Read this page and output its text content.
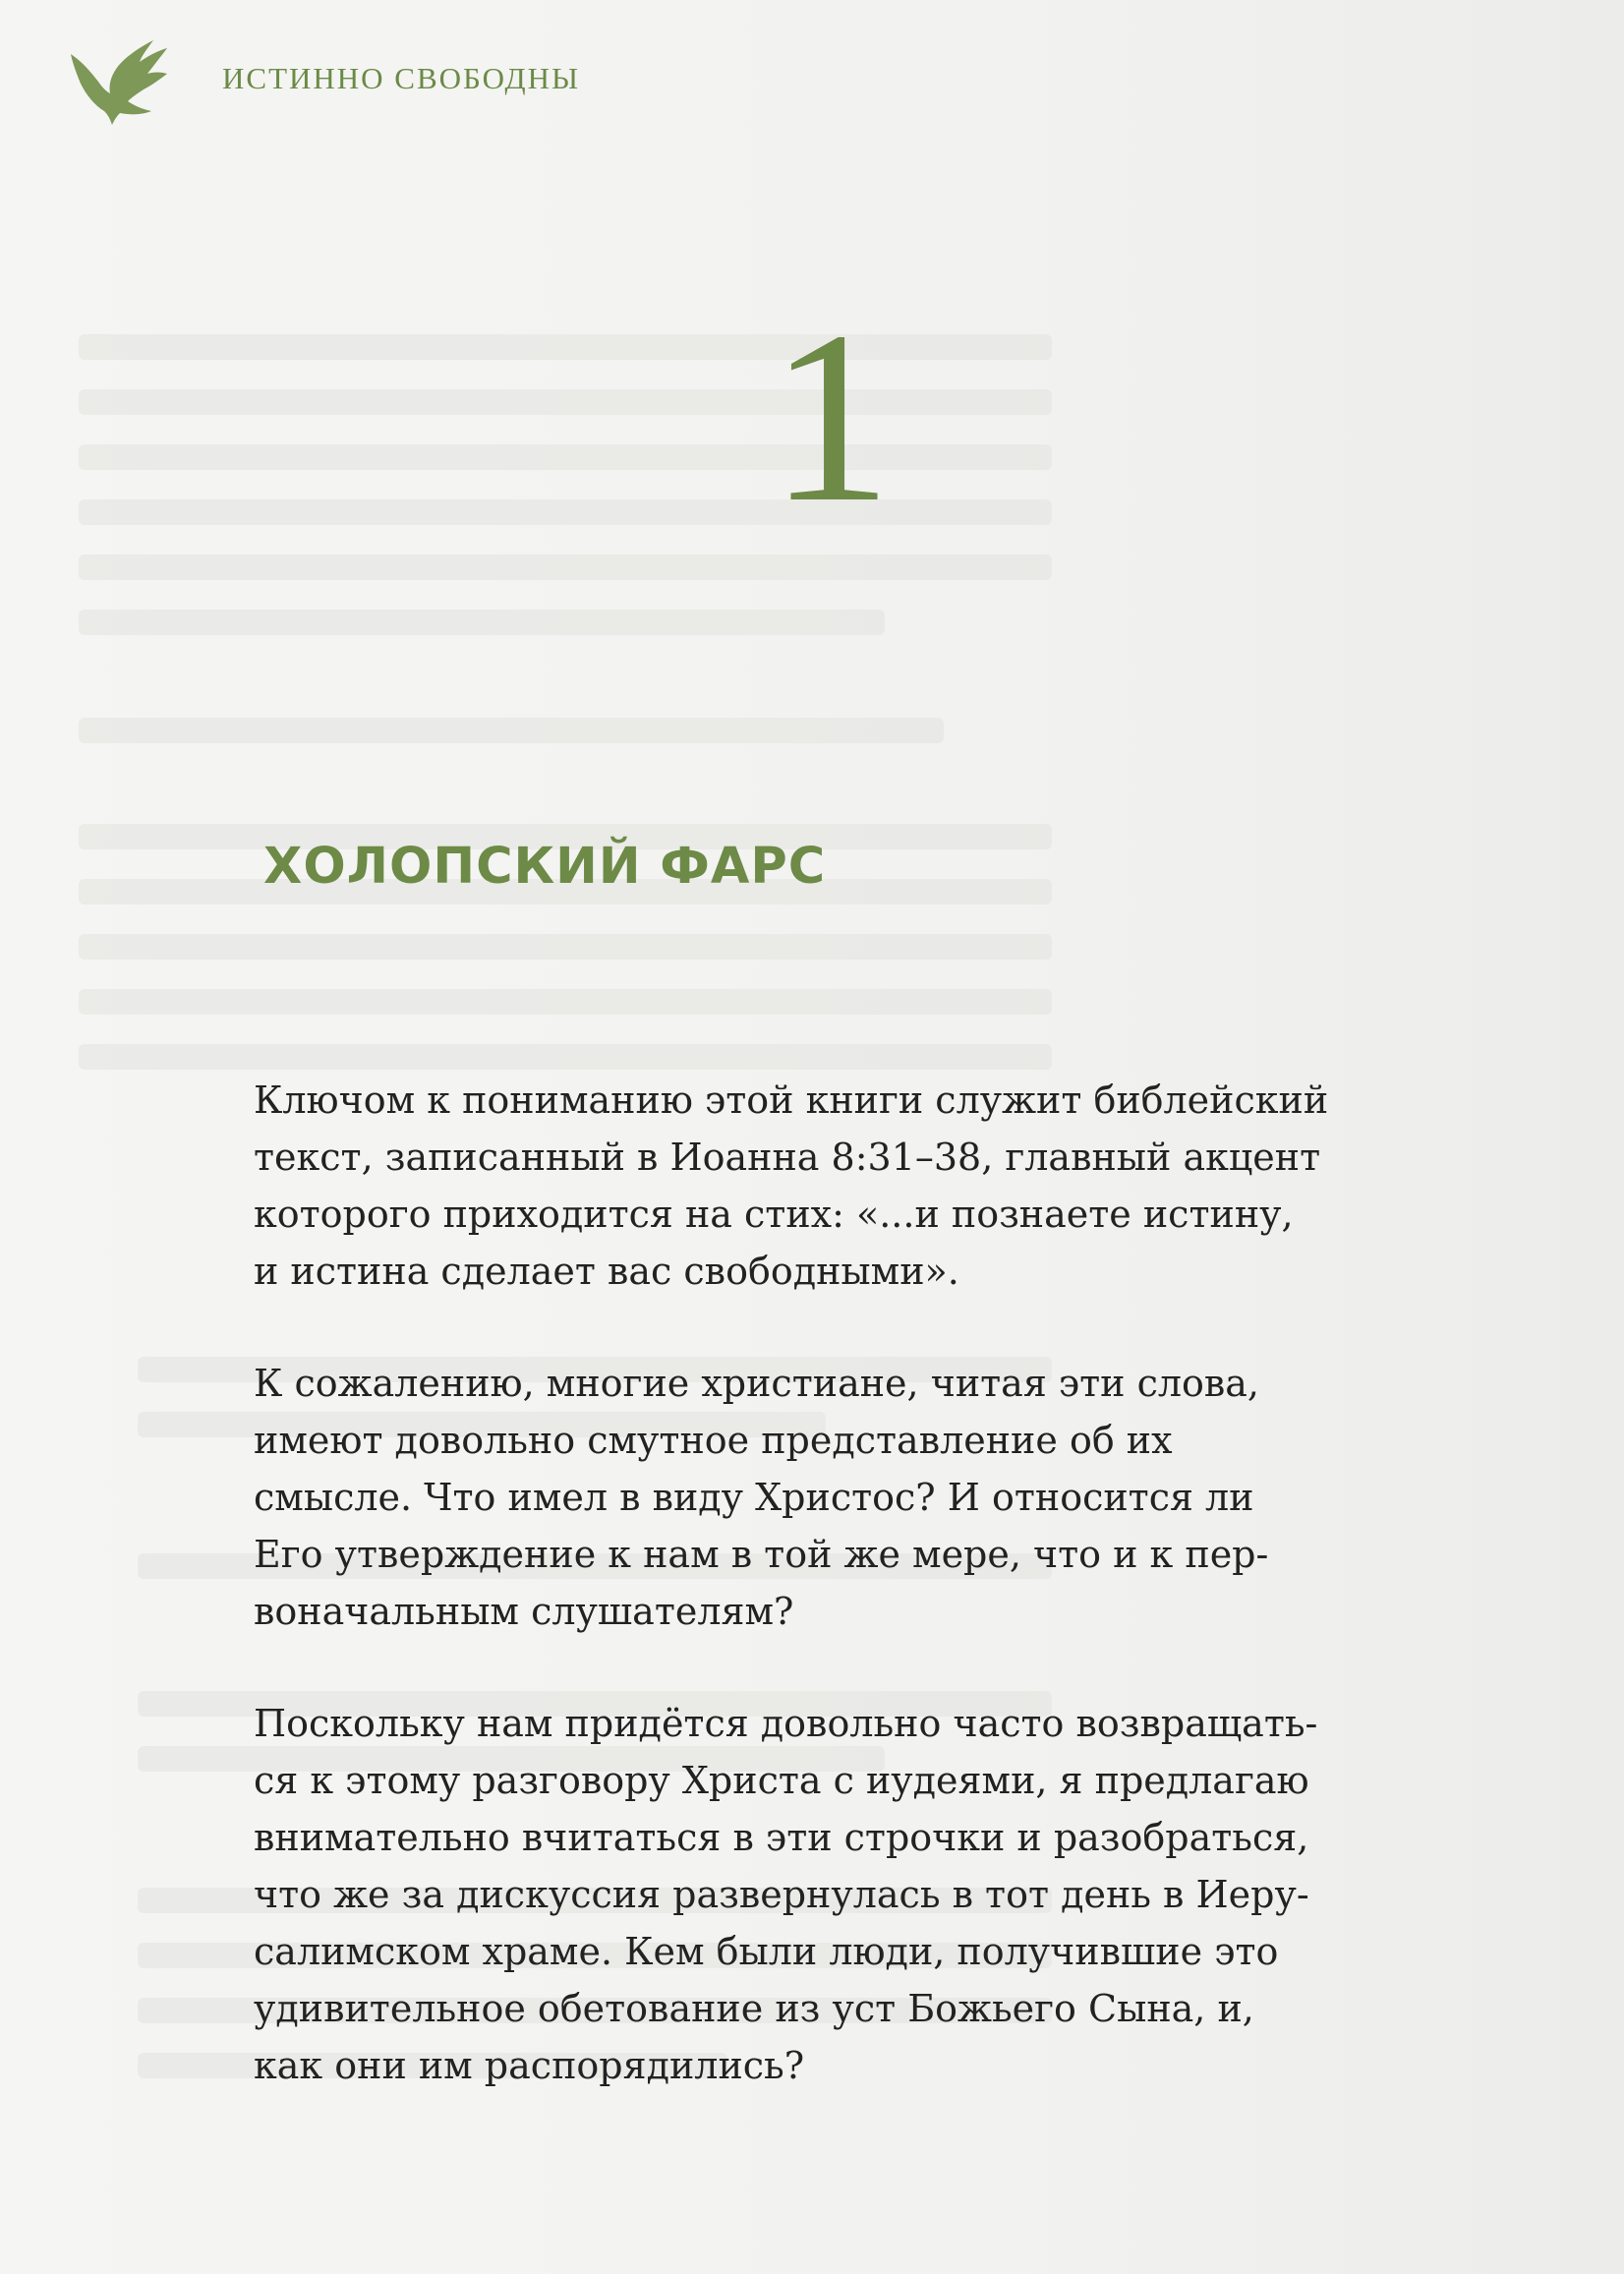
ИСТИННО СВОБОДНЫ
1
ХОЛОПСКИЙ ФАРС

Ключом к пониманию этой книги служит библейский
текст, записанный в Иоанна 8:31–38, главный акцент
которого приходится на стих: «...и познаете истину,
и истина сделает вас свободными».

К сожалению, многие христиане, читая эти слова,
имеют довольно смутное представление об их
смысле. Что имел в виду Христос? И относится ли
Его утверждение к нам в той же мере, что и к пер-
воначальным слушателям?

Поскольку нам придётся довольно часто возвращать-
ся к этому разговору Христа с иудеями, я предлагаю
внимательно вчитаться в эти строчки и разобраться,
что же за дискуссия развернулась в тот день в Иеру-
салимском храме. Кем были люди, получившие это
удивительное обетование из уст Божьего Сына, и,
как они им распорядились?
